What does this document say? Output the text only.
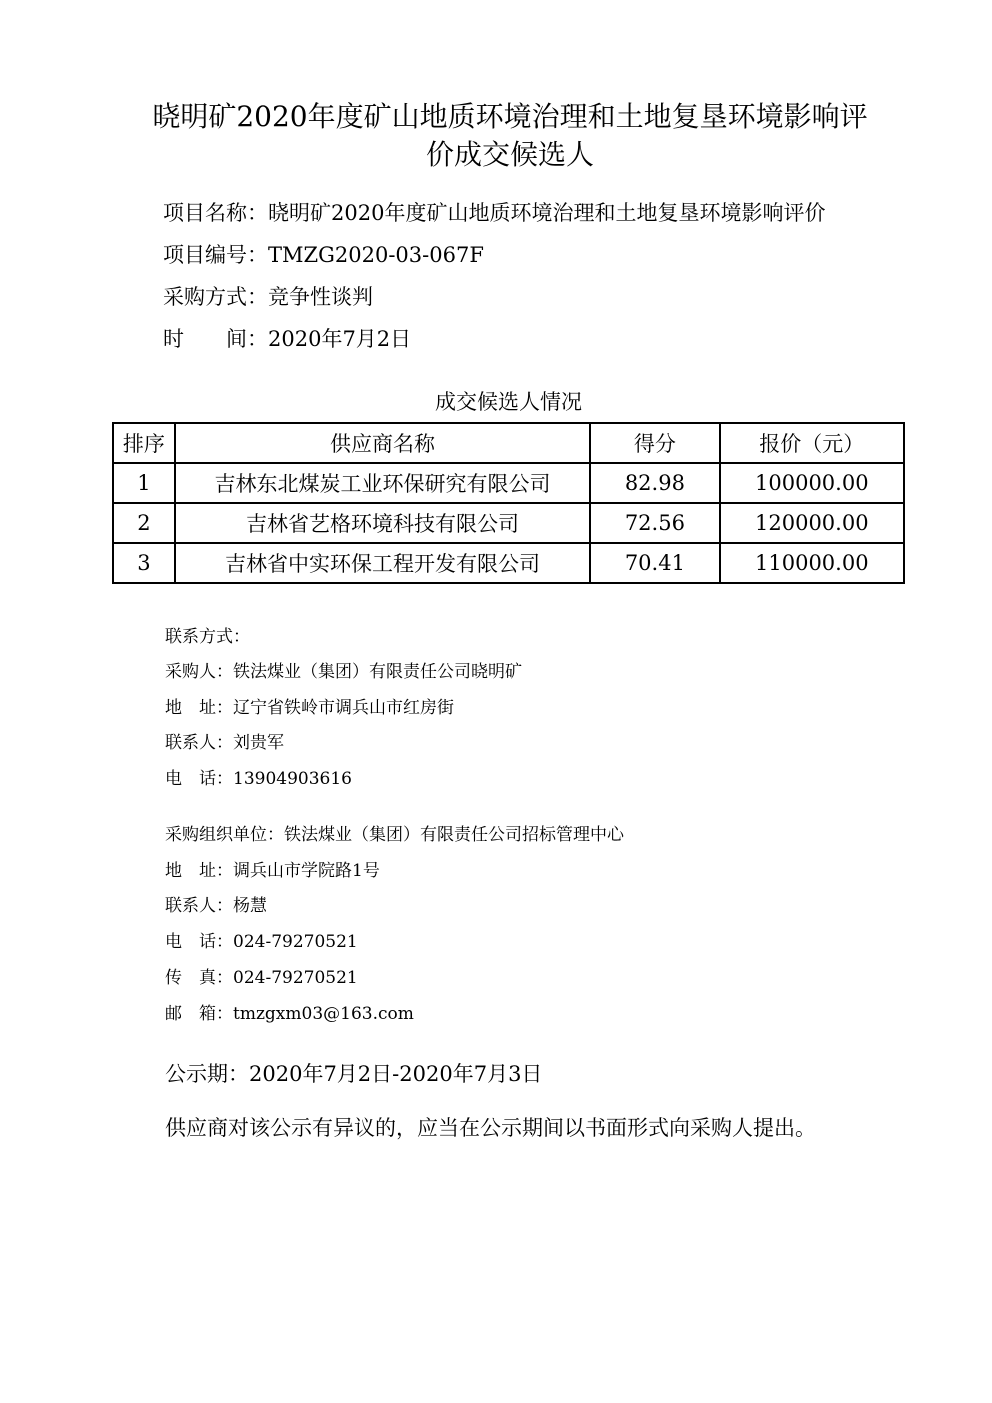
晓明矿2020年度矿山地质环境治理和土地复垦环境影响评
价成交候选人
项目名称：晓明矿2020年度矿山地质环境治理和土地复垦环境影响评价
项目编号：TMZG2020-03-067F
采购方式：竞争性谈判
时　　间：2020年7月2日
成交候选人情况
排序	供应商名称	得分	报价（元）
1	吉林东北煤炭工业环保研究有限公司	82.98	100000.00
2	吉林省艺格环境科技有限公司	72.56	120000.00
3	吉林省中实环保工程开发有限公司	70.41	110000.00
联系方式：
采购人：铁法煤业（集团）有限责任公司晓明矿
地　址：辽宁省铁岭市调兵山市红房街
联系人：刘贵军
电　话：13904903616
采购组织单位：铁法煤业（集团）有限责任公司招标管理中心
地　址：调兵山市学院路1号
联系人：杨慧
电　话：024-79270521
传　真：024-79270521
邮　箱：tmzgxm03@163.com
公示期：2020年7月2日-2020年7月3日
供应商对该公示有异议的，应当在公示期间以书面形式向采购人提出。
